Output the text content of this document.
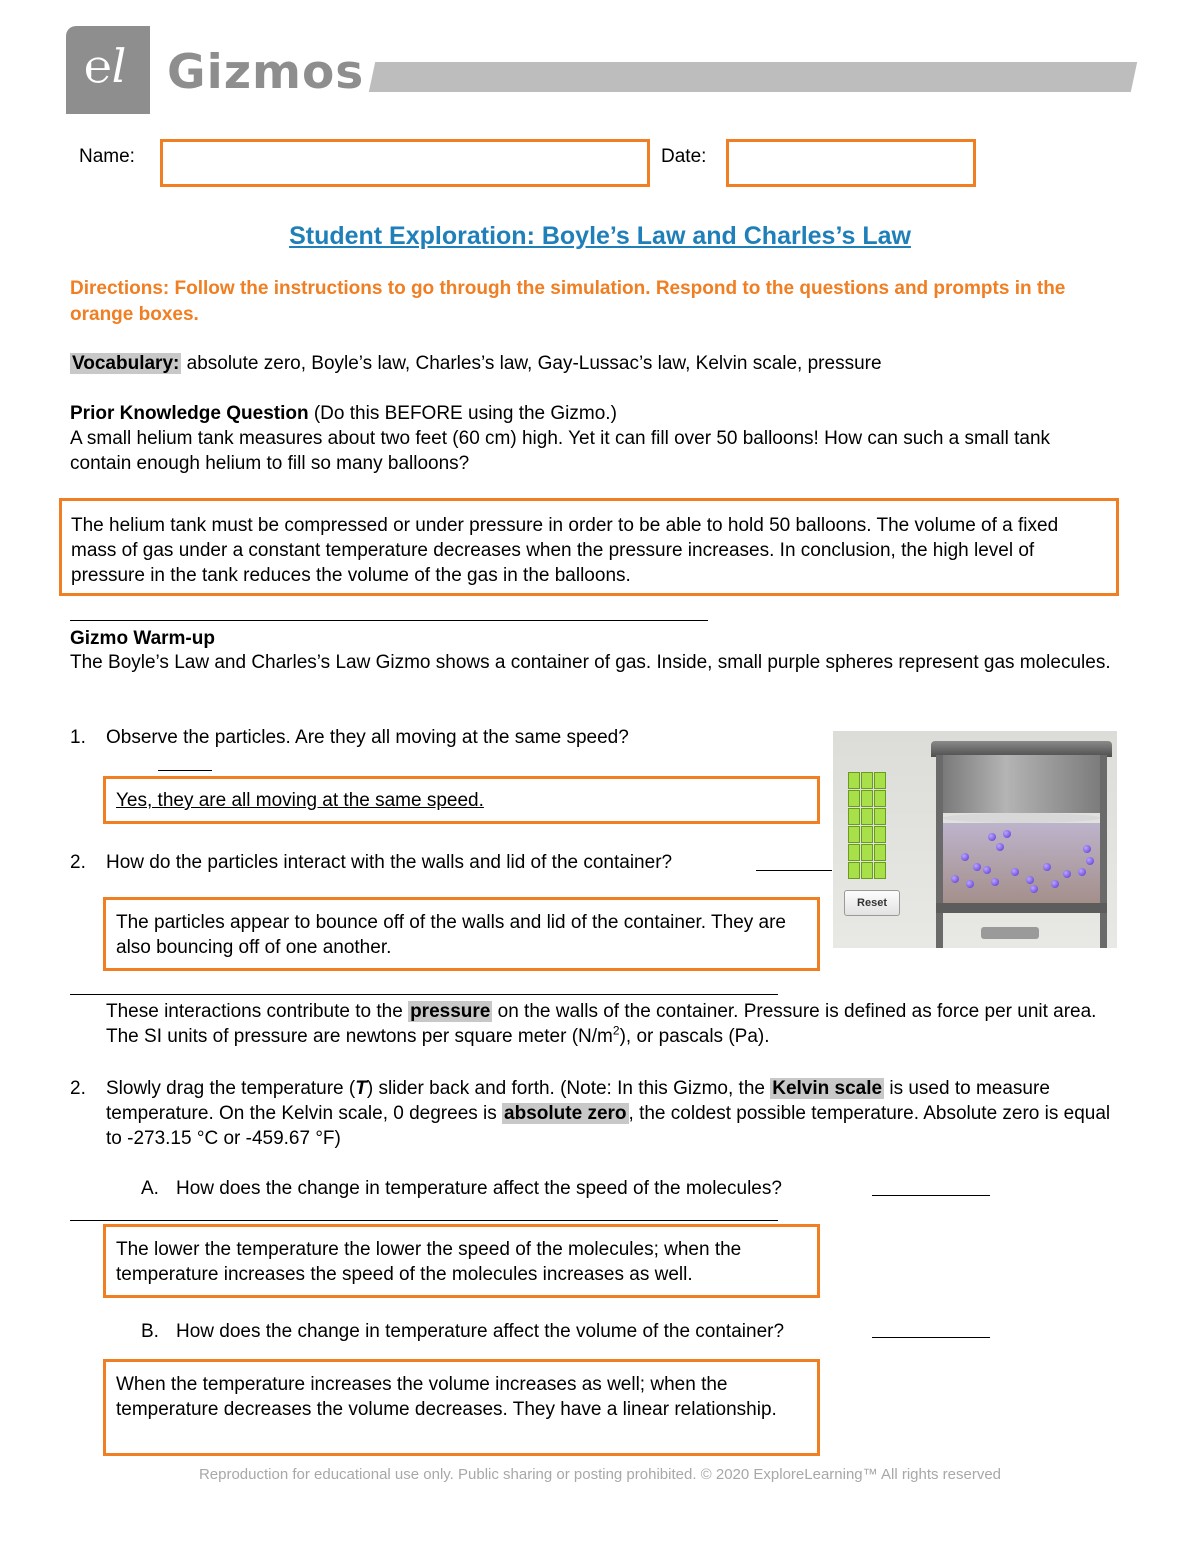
℮l Gizmos
Name:	Date:
Student Exploration: Boyle’s Law and Charles’s Law
Directions: Follow the instructions to go through the simulation. Respond to the questions and prompts in the orange boxes.
Vocabulary: absolute zero, Boyle’s law, Charles’s law, Gay-Lussac’s law, Kelvin scale, pressure
Prior Knowledge Question (Do this BEFORE using the Gizmo.)
A small helium tank measures about two feet (60 cm) high. Yet it can fill over 50 balloons! How can such a small tank contain enough helium to fill so many balloons?
The helium tank must be compressed or under pressure in order to be able to hold 50 balloons. The volume of a fixed mass of gas under a constant temperature decreases when the pressure increases. In conclusion, the high level of pressure in the tank reduces the volume of the gas in the balloons.
Gizmo Warm-up
The Boyle’s Law and Charles’s Law Gizmo shows a container of gas. Inside, small purple spheres represent gas molecules.
1. Observe the particles. Are they all moving at the same speed?
Yes, they are all moving at the same speed.
2. How do the particles interact with the walls and lid of the container?
The particles appear to bounce off of the walls and lid of the container. They are also bouncing off of one another.
These interactions contribute to the pressure on the walls of the container. Pressure is defined as force per unit area. The SI units of pressure are newtons per square meter $(N/m^2)$, or pascals (Pa).
2. Slowly drag the temperature (T) slider back and forth. (Note: In this Gizmo, the Kelvin scale is used to measure temperature. On the Kelvin scale, 0 degrees is absolute zero , the coldest possible temperature. Absolute zero is equal to -273.15 °C or -459.67 °F)
A. How does the change in temperature affect the speed of the molecules?
The lower the temperature the lower the speed of the molecules; when the temperature increases the speed of the molecules increases as well.
B. How does the change in temperature affect the volume of the container?
When the temperature increases the volume increases as well; when the temperature decreases the volume decreases. They have a linear relationship.
Reset
Reproduction for educational use only. Public sharing or posting prohibited. © 2020 ExploreLearning™ All rights reserved
